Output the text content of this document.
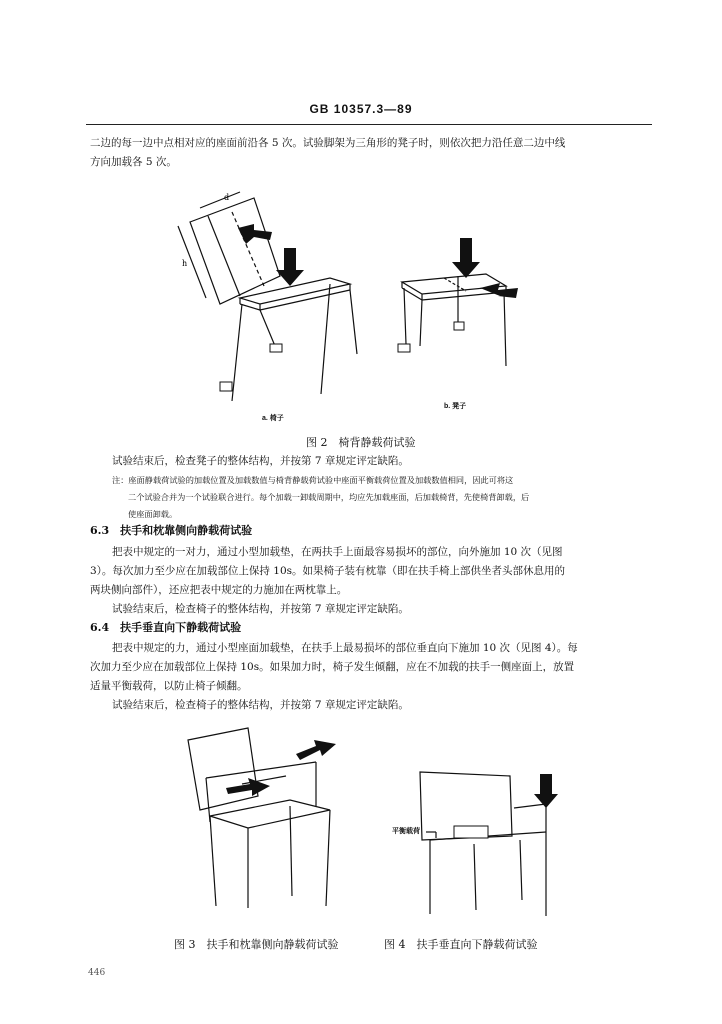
GB 10357.3—89
二边的每一边中点相对应的座面前沿各 5 次。试验脚架为三角形的凳子时，则依次把力沿任意二边中线
方向加载各 5 次。
d
h
a. 椅子
b. 凳子
图 2　椅背静载荷试验
试验结束后，检查凳子的整体结构，并按第 7 章规定评定缺陷。
注：座面静载荷试验的加载位置及加载数值与椅背静载荷试验中座面平衡载荷位置及加载数值相同，因此可将这
二个试验合并为一个试验联合进行。每个加载一卸载周期中，均应先加载座面，后加载椅背，先使椅背卸载，后
使座面卸载。
6.3　扶手和枕靠侧向静载荷试验
把表中规定的一对力，通过小型加载垫，在两扶手上面最容易损坏的部位，向外施加 10 次（见图
3）。每次加力至少应在加载部位上保持 10s。如果椅子装有枕靠（即在扶手椅上部供坐者头部休息用的
两块侧向部件），还应把表中规定的力施加在两枕靠上。
试验结束后，检查椅子的整体结构，并按第 7 章规定评定缺陷。
6.4　扶手垂直向下静载荷试验
把表中规定的力，通过小型座面加载垫，在扶手上最易损坏的部位垂直向下施加 10 次（见图 4）。每
次加力至少应在加载部位上保持 10s。如果加力时，椅子发生倾翻，应在不加载的扶手一侧座面上，放置
适量平衡载荷，以防止椅子倾翻。
试验结束后，检查椅子的整体结构，并按第 7 章规定评定缺陷。
平衡载荷
图 3　扶手和枕靠侧向静载荷试验	图 4　扶手垂直向下静载荷试验
446
